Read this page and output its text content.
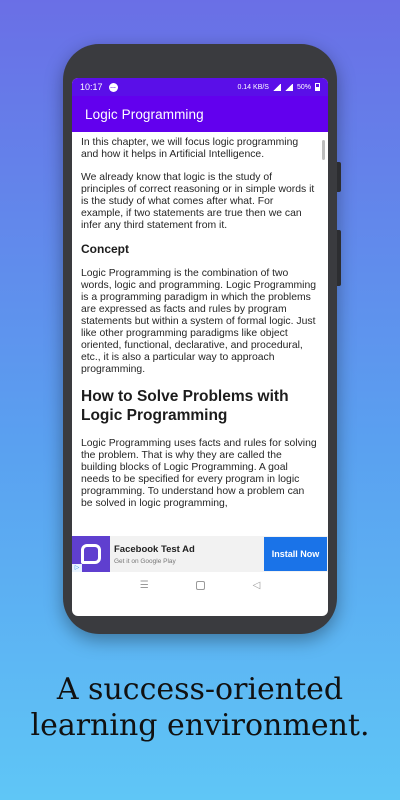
10:17 …	0.14 KB/S	50%
Logic Programming

In this chapter, we will focus logic programming and how it helps in Artificial Intelligence.

We already know that logic is the study of principles of correct reasoning or in simple words it is the study of what comes after what. For example, if two statements are true then we can infer any third statement from it.

Concept

Logic Programming is the combination of two words, logic and programming. Logic Programming is a programming paradigm in which the problems are expressed as facts and rules by program statements but within a system of formal logic. Just like other programming paradigms like object oriented, functional, declarative, and procedural, etc., it is also a particular way to approach programming.

How to Solve Problems with Logic Programming

Logic Programming uses facts and rules for solving the problem. That is why they are called the building blocks of Logic Programming. A goal needs to be specified for every program in logic programming. To understand how a problem can be solved in logic programming,

▷
Facebook Test Ad
Get it on Google Play
Install Now
☰	◁
A success-oriented learning environment.
